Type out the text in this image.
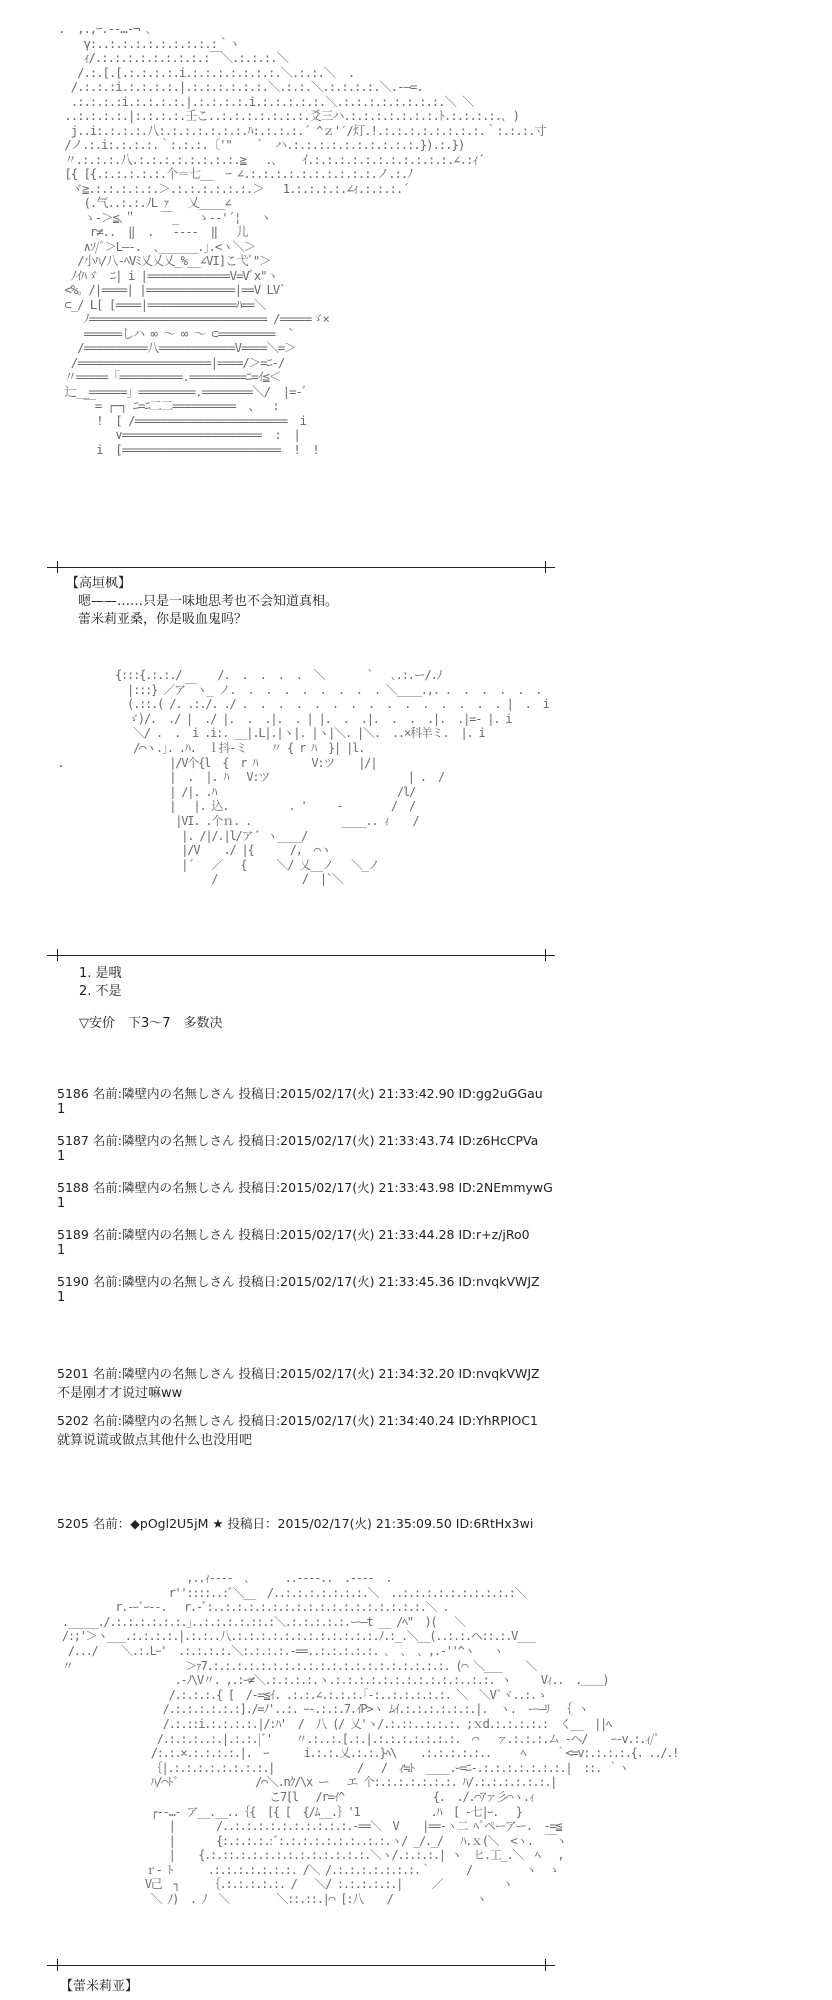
.  ,.,ｰ.-‐…‐¬ ､
γ:..:.:.:.:.:.:.:.:.:｀ヽ
ｨ/.:.:.:.:.:.:.:.:.:￣＼.:.:.:.＼
/.:.[.[.:.:.:.:.i.:.:.:.:.:.:.:.＼.:.:.＼  .
/.:.:.:i.:.:.:.:.|.:.:.:.:.:.:.＼.:.:.＼.:.:.:.:.＼.-―=.
.:.:.:.:i.:.:.:.:.|.:.:.:.:.i.:.:.:.:.:.＼.:.:.:.:.:.:.:.:.＼ ＼
..:.:.:.:.|:.:.:.:.壬こ..:.:.:.:.:.:.:.爻三ハ.:.:.:.:.:.:.:.ﾄ.:.:.:.:.､ )
j..i:.:.:.:.八:.:.:.:.:.:.:.ﾊ:.:.:.:.´ ^ｚ'′/灯.!.:.:.:.:.:.:.:.:.｀:.:.:.寸
/ノ.:.i:.:.:.:.｀:.:.:.〔'"    ゛ ハ.:.:.:.:.:.:.:.:.:.:.}).:.})
〃.:.:.:.八.:.:.:.:.:.:.:.:.≧   .､    ｲ.:.:.:.:.:.:.:.:.:.:.:.∠.:ｨ´
[{ [{.:.:.:.:.:.个＝七__  ｰ ∠.:.:.:.:.:.:.:.:.:.:.ノ.:.ﾉ
ヾ≧.:.:.:.:.:.＞.:.:.:.:.:.:.＞   1.:.:.:.:.∠ｨ.:.:.:.´
(.气..:.:.ﾉL ｧ   乂____∠
ゝ-＞≦､＂    ￣_   ゝ-‐'´¦   ヽ
r≠..  ‖  .   ‐‐‐‐  ‖   儿
∧ｿ/ﾞ＞L―-.  ､______.｣.<ヽ＼＞
/小ﾊ/八-ﾍVﾐ乂乂乂_%__∠VI]こ弋ﾞ"＞
ﾉｲﾊゞ  ﾆ| i |=============V=Vﾞx"ヽ
<%。/|====| |==============|==V LV`
⊂_/ L[ [====|==============ﾊ==＼
ﾉ============================ /=====ゞ×
======しハ ∞ ～ ∞ ～ ⊂=========  `
/==========八============V====＼=＞
/=====================|====/＞=ﾆ-/
〃=====「==========.=========ﾆ=ｲ≦＜
辷__======」=========.========＼/  |=-ﾞ
￣= ┌─┐ ﾆ=ﾆ二二==========  、  :
!  [ /========================  i
∨======================  :  |
i  [=========================  !  !
【高垣枫】
嗯——……只是一味地思考也不会知道真相。
蕾米莉亚桑，你是吸血鬼吗？
{:::{.:.:./      /.  .  .  .  .  ＼       `   ､.:.ー/.ﾉ
|:::} ／ア￣ヽ_ ノ.  .  .  .  .  .  .  .  . ＼____.,. .  .  .  .  .  .
(.::.( /. .:./. ./ .  .  .  .  .  .  .  .  .  .  .  .  .  .  . |  .  i
ゞ)/.  ./ |  ./ |.  .  .|.  . | |.  .  .|.  .  .  .|.  .|=‐ |. i
＼/ .  .  i .i:. __|.L|.|ヽ|. |ヽ|＼. |＼.  ..×科羊ミ.  |. i
/⌒ヽ.｣. .ﾊ.  ｌ抖-ミ    〃 { r ﾊ  }| |l.
|/V个{l  {  r ﾊ         V:ツ    |/|
|  .  |. ﾊ   V:ツ                       | .  /
| /|. .ﾊ                              /l/
|   |. 込.          . '     -        /  /
|VI. .个ｎ. .               ____.. ｨ    /
|. /|/.|l/ア ﾞ ヽ____/
|/V    ./ |{      /,  ⌒ヽ
|´   ／   {     ＼/ 乂__ノ   ＼_ノ
/              /  |`＼
1. 是哦
2. 不是
▽安价　下3～7　多数决
5186 名前:隣壁内の名無しさん 投稿日:2015/02/17(火) 21:33:42.90 ID:gg2uGGau
1
5187 名前:隣壁内の名無しさん 投稿日:2015/02/17(火) 21:33:43.74 ID:z6HcCPVa
1
5188 名前:隣壁内の名無しさん 投稿日:2015/02/17(火) 21:33:43.98 ID:2NEmmywG
1
5189 名前:隣壁内の名無しさん 投稿日:2015/02/17(火) 21:33:44.28 ID:r+z/jRo0
1
5190 名前:隣壁内の名無しさん 投稿日:2015/02/17(火) 21:33:45.36 ID:nvqkVWJZ
1
5201 名前:隣壁内の名無しさん 投稿日:2015/02/17(火) 21:34:32.20 ID:nvqkVWJZ
不是刚才才说过嘛ww
5202 名前:隣壁内の名無しさん 投稿日:2015/02/17(火) 21:34:40.24 ID:YhRPIOC1
就算说谎或做点其他什么也没用吧
5205 名前：◆pOgl2U5jM ★ 投稿日：2015/02/17(火) 21:35:09.50 ID:6RtHx3wi
,..ｨ‐‐‐-  ､      ..-‐‐-..  .‐‐‐-  .
r''::::..:ﾞ＼__  /..:.:.:.:.:.:.:.＼  ..:.:.:.:.:.:.:.:.:.:＼
r.-ｰﾞｰ--.   r.-ﾞ:..:.:.:.:.:.:.:.:.:.:.:.:.:.:.:.:.:.＼ .
._____./.:.:.:.:.:.:.｣..:.:.:.:.::.:＼.:.:.:.:.:.ー―t __ /ﾍ"  )(   ＼
/:;'＞ヽ___.:.:.:.:.|.:.:..八.:.:.:.:.:.:.:.:.:.:.:.:.ﾉ.:_.＼__(..:.:.ヘ::.:.V___
/.../    ＼.:.Lｰ'  .:.:.:.:.＼:.:.:.:.-==..:.:.:.:.:. ､  ､  ､ ,.-''^ヽ   ヽ
〃                   ＞ｧ7.:.:.:.:.:.:.:.:.:.:.:.:.:.:.:.:.:.:.:.:. (⌒ ＼___    ＼
.-ﾉ\V〃. ,.:ｰ≠＼.:.:.:.:.ヽ.:.:.:.:.:.:.:.:.:.:.:..:.:. ヽ     Vｨ..  .＿＿)
/.:.:.:.{ [  /-=≦ｲ. .:.:.∠.:.:.:.｢-:..:.:.:.:.:. ＼  ＼V`ヾ..:.ゝ
/.:.:.:.:.:.:]./=ﾉ'..:. ｰ‐.:.:.7.ｲP>ヽ ﾑｲ.:.:.:.:.:.:.|.  ヽ.  ー―ﾘ  ｛ ヽ
/.:.::i.:.:.:.:.|/:ﾊ'  /  八 (/ 乂'ヽ/.:.::..:.:.:. ;ｘd.:.:.:.:.:  く__  ||ﾍ
/.:.:.:..:.|.:.:.|ﾞ'    〃.:..:.[.:.|.:.:.:.:.:.:.:.  ⌒   ァ.:.:.:.ム -ヘ/    ｰ-v.:.ｨ/ﾟ
/:.:.×.:.:.:.:.|.  ｰ      i.:.:.乂.:.:.}ﾍ\    .:.:.:.:.:..     ﾍ     ｀<=v:.:.:.:.{. ../.!
｛|.:.:.:.:.:.:.:.:.|              /   /  ｨ≒ﾄ  ____.ｰ=ﾆ-.:.:.:.:.:.:.:.|  ::. ｀ヽ
ﾊ/⌒ﾄﾞ             /⌒＼.nｸ/\x ー   エ 个:.:.:.:.:.:.:. ﾊ/.:.:.:.:.:.:.|
こ7[l   /r=ｲ^               {.  ./.⌒ｱァ彡⌒ヽ.ｨ
┌‐‐…‐ ア__.__..｛{  [{ [  {/ﾑ__.｝'1            .ﾊ  [ ‐七|ｰ.   }
|       /..:.:.:.:.:.:.:.:.:.:.-==＼  V    |==‐ヽ二 ﾍﾟペーアー.  ‐=≦
|       {:.:.:.:.:ﾞ:.:.:.:.:.:.:..:.:.ヽ/ _/._/   ﾊ.ｘ(＼  <ヽ.  ￣ヽ
|    {.:.::.:.:.:.:.:.:.:.:.:.:.:.＼ヽ/.:.:.:.| ヽ  ヒ.工_.＼  ﾍ   ,
ｒ‐ ﾄ      .:.:.:.:.:.:.:. /＼ /.:.:.:.:.:.:.:.｀      /         ヽ  ゝ
V己  ┐     ｛.:.:.:.:.:. /   ＼/ :.:.:.:.:.|     ／          ヽ
＼ ﾉ)  . ﾉ  ＼        ＼::.::.|⌒ [:八    /              ヽ
【蕾米莉亚】
